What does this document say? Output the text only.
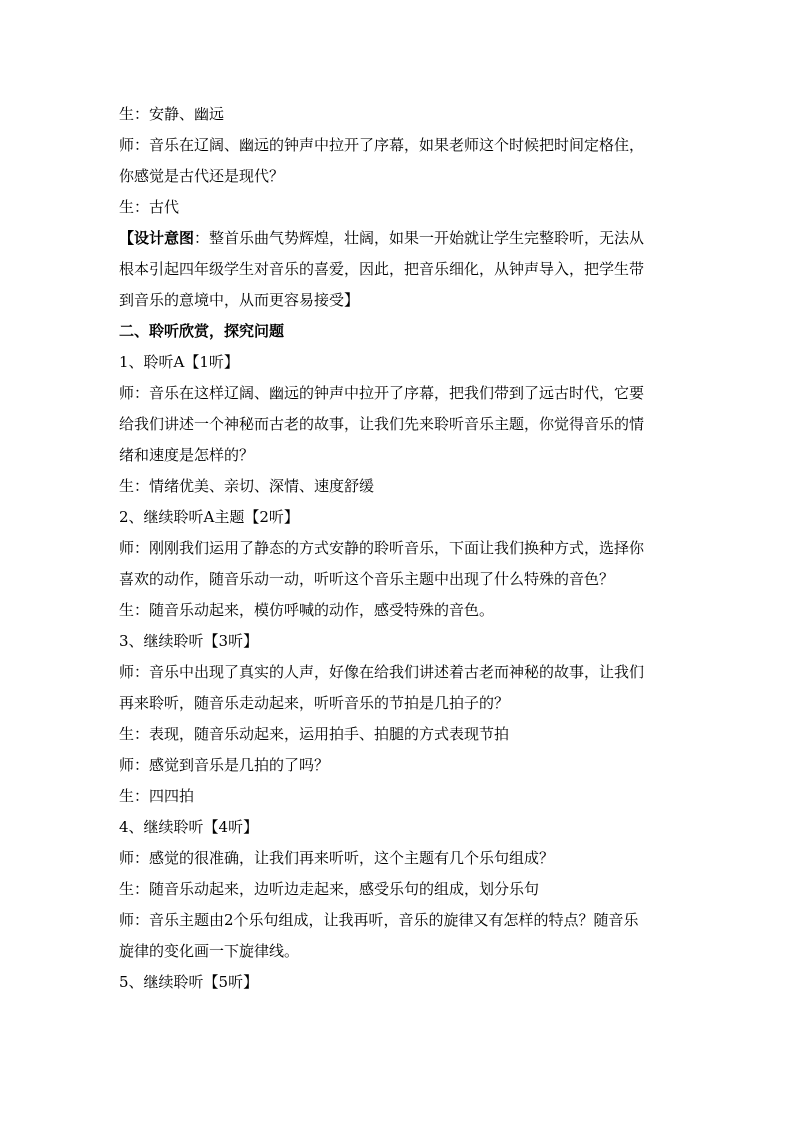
生：安静、幽远
师：音乐在辽阔、幽远的钟声中拉开了序幕，如果老师这个时候把时间定格住，
你感觉是古代还是现代？
生：古代
【设计意图：整首乐曲气势辉煌，壮阔，如果一开始就让学生完整聆听，无法从
根本引起四年级学生对音乐的喜爱，因此，把音乐细化，从钟声导入，把学生带
到音乐的意境中，从而更容易接受】
二、聆听欣赏，探究问题
1、聆听A【1听】
师：音乐在这样辽阔、幽远的钟声中拉开了序幕，把我们带到了远古时代，它要
给我们讲述一个神秘而古老的故事，让我们先来聆听音乐主题，你觉得音乐的情
绪和速度是怎样的？
生：情绪优美、亲切、深情、速度舒缓
2、继续聆听A主题【2听】
师：刚刚我们运用了静态的方式安静的聆听音乐，下面让我们换种方式，选择你
喜欢的动作，随音乐动一动，听听这个音乐主题中出现了什么特殊的音色？
生：随音乐动起来，模仿呼喊的动作，感受特殊的音色。
3、继续聆听【3听】
师：音乐中出现了真实的人声，好像在给我们讲述着古老而神秘的故事，让我们
再来聆听，随音乐走动起来，听听音乐的节拍是几拍子的？
生：表现，随音乐动起来，运用拍手、拍腿的方式表现节拍
师：感觉到音乐是几拍的了吗？
生：四四拍
4、继续聆听【4听】
师：感觉的很准确，让我们再来听听，这个主题有几个乐句组成？
生：随音乐动起来，边听边走起来，感受乐句的组成，划分乐句
师：音乐主题由2个乐句组成，让我再听，音乐的旋律又有怎样的特点？随音乐
旋律的变化画一下旋律线。
5、继续聆听【5听】
